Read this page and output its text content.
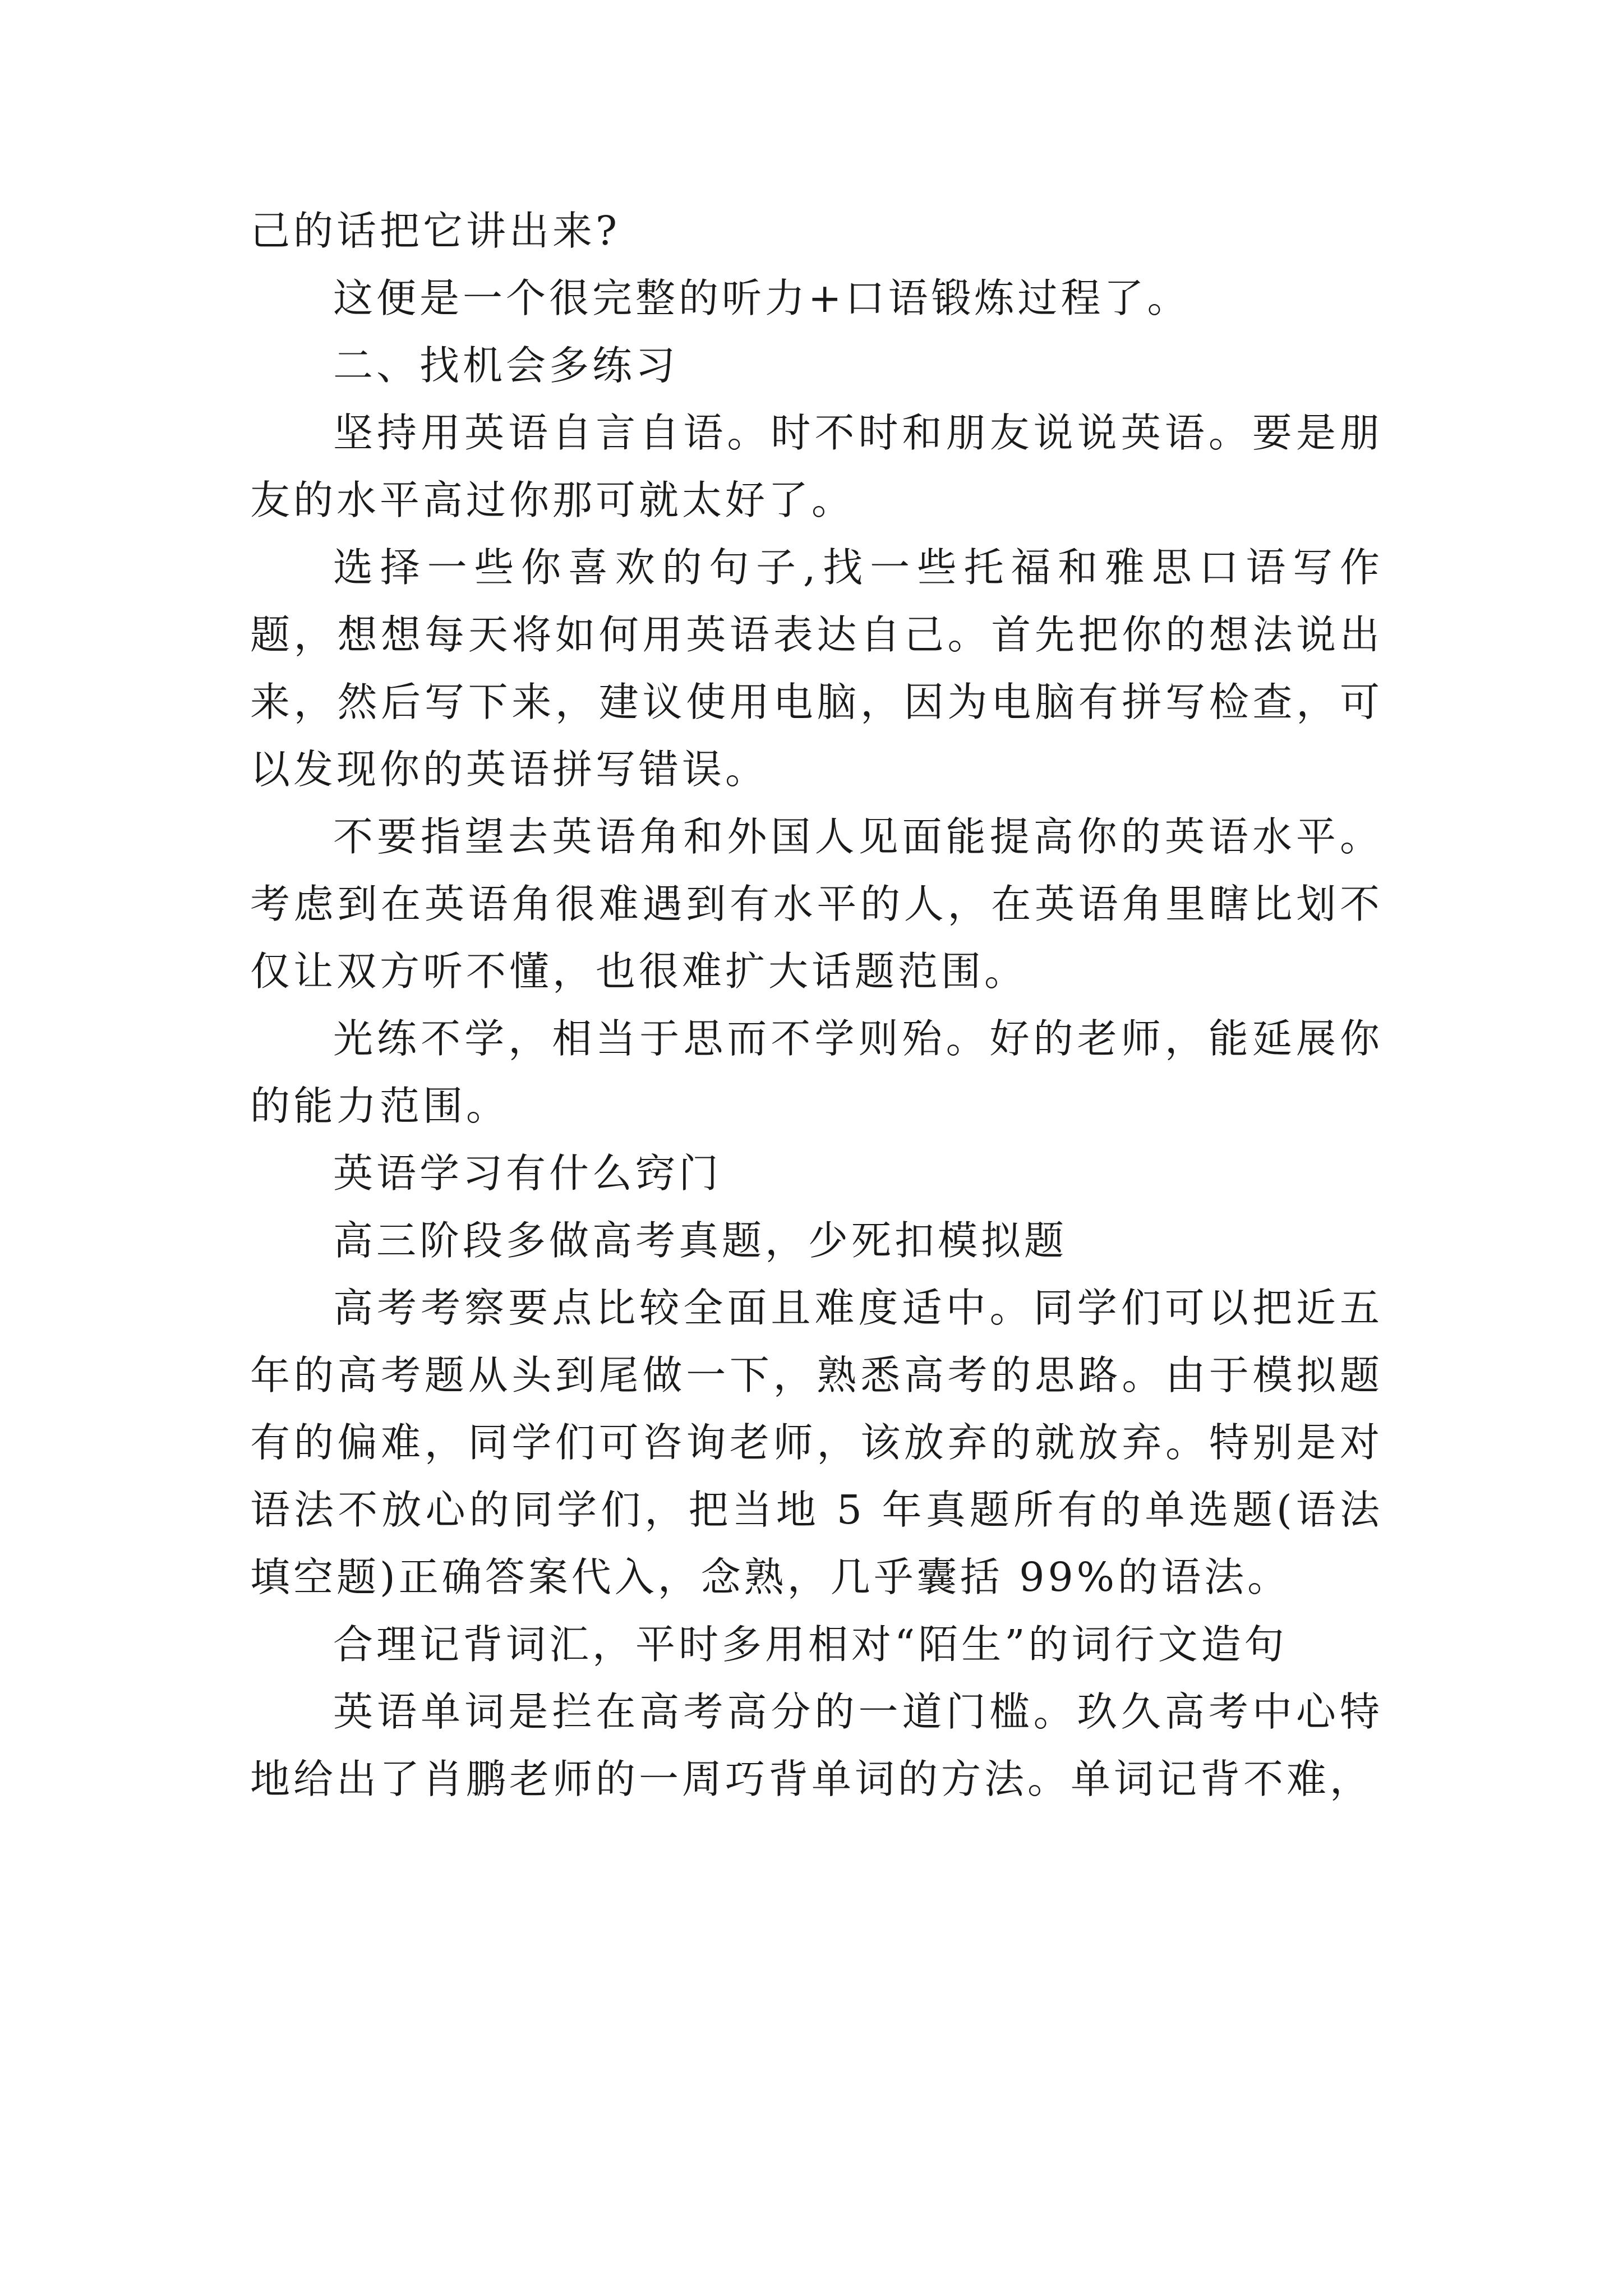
己的话把它讲出来?

这便是一个很完整的听力+口语锻炼过程了。

二、找机会多练习

坚持用英语自言自语。时不时和朋友说说英语。要是朋友的水平高过你那可就太好了。

选择一些你喜欢的句子,找一些托福和雅思口语写作题，想想每天将如何用英语表达自己。首先把你的想法说出来，然后写下来，建议使用电脑，因为电脑有拼写检查，可以发现你的英语拼写错误。

不要指望去英语角和外国人见面能提高你的英语水平。考虑到在英语角很难遇到有水平的人，在英语角里瞎比划不仅让双方听不懂，也很难扩大话题范围。

光练不学，相当于思而不学则殆。好的老师，能延展你的能力范围。

英语学习有什么窍门

高三阶段多做高考真题，少死扣模拟题

高考考察要点比较全面且难度适中。同学们可以把近五年的高考题从头到尾做一下，熟悉高考的思路。由于模拟题有的偏难，同学们可咨询老师，该放弃的就放弃。特别是对语法不放心的同学们，把当地 5 年真题所有的单选题(语法填空题)正确答案代入，念熟，几乎囊括 99%的语法。

合理记背词汇，平时多用相对“陌生”的词行文造句

英语单词是拦在高考高分的一道门槛。玖久高考中心特地给出了肖鹏老师的一周巧背单词的方法。单词记背不难，
